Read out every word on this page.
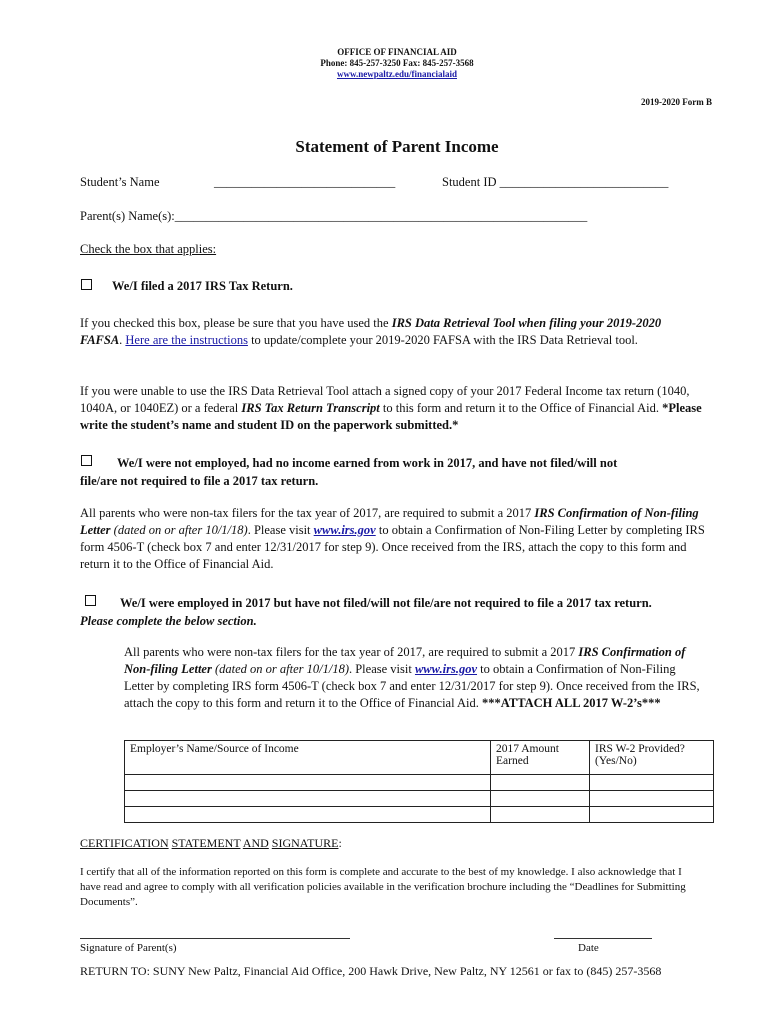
OFFICE OF FINANCIAL AID
Phone: 845-257-3250 Fax: 845-257-3568
www.newpaltz.edu/financialaid
2019-2020 Form B
Statement of Parent Income
Student’s Name	_____________________________	Student ID ___________________________
Parent(s) Name(s):__________________________________________________________________
Check the box that applies:
We/I filed a 2017 IRS Tax Return.
If you checked this box, please be sure that you have used the IRS Data Retrieval Tool when filing your 2019-2020 FAFSA. Here are the instructions to update/complete your 2019-2020 FAFSA with the IRS Data Retrieval tool.
If you were unable to use the IRS Data Retrieval Tool attach a signed copy of your 2017 Federal Income tax return (1040, 1040A, or 1040EZ) or a federal IRS Tax Return Transcript to this form and return it to the Office of Financial Aid. *Please write the student’s name and student ID on the paperwork submitted.*
We/I were not employed, had no income earned from work in 2017, and have not filed/will not
file/are not required to file a 2017 tax return.
All parents who were non-tax filers for the tax year of 2017, are required to submit a 2017 IRS Confirmation of Non-filing Letter (dated on or after 10/1/18). Please visit www.irs.gov to obtain a Confirmation of Non-Filing Letter by completing IRS form 4506-T (check box 7 and enter 12/31/2017 for step 9). Once received from the IRS, attach the copy to this form and return it to the Office of Financial Aid.
We/I were employed in 2017 but have not filed/will not file/are not required to file a 2017 tax return.
Please complete the below section.
All parents who were non-tax filers for the tax year of 2017, are required to submit a 2017 IRS Confirmation of Non-filing Letter (dated on or after 10/1/18). Please visit www.irs.gov to obtain a Confirmation of Non-Filing Letter by completing IRS form 4506-T (check box 7 and enter 12/31/2017 for step 9). Once received from the IRS, attach the copy to this form and return it to the Office of Financial Aid. ***ATTACH ALL 2017 W-2’s***
Employer’s Name/Source of Income	2017 Amount Earned	IRS W-2 Provided? (Yes/No)

CERTIFICATION STATEMENT AND SIGNATURE:
I certify that all of the information reported on this form is complete and accurate to the best of my knowledge. I also acknowledge that I have read and agree to comply with all verification policies available in the verification brochure including the “Deadlines for Submitting Documents”.
Signature of Parent(s)	Date
RETURN TO: SUNY New Paltz, Financial Aid Office, 200 Hawk Drive, New Paltz, NY 12561 or fax to (845) 257-3568
